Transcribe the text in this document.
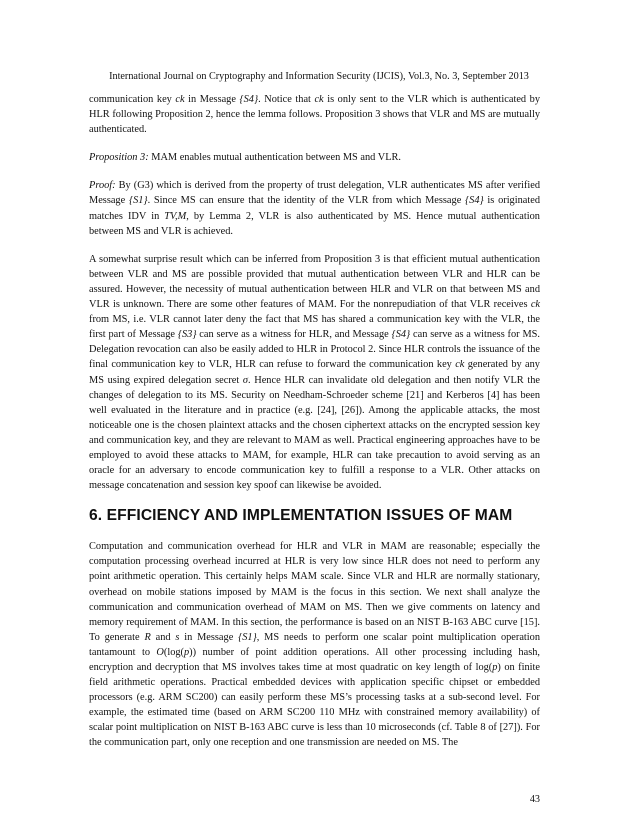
International Journal on Cryptography and Information Security (IJCIS), Vol.3, No. 3, September 2013

communication key ck in Message {S4}. Notice that ck is only sent to the VLR which is authenticated by HLR following Proposition 2, hence the lemma follows. Proposition 3 shows that VLR and MS are mutually authenticated.

Proposition 3: MAM enables mutual authentication between MS and VLR.

Proof: By (G3) which is derived from the property of trust delegation, VLR authenticates MS after verified Message {S1}. Since MS can ensure that the identity of the VLR from which Message {S4} is originated matches IDV in TV,M, by Lemma 2, VLR is also authenticated by MS. Hence mutual authentication between MS and VLR is achieved.

A somewhat surprise result which can be inferred from Proposition 3 is that efficient mutual authentication between VLR and MS are possible provided that mutual authentication between VLR and HLR can be assured. However, the necessity of mutual authentication between HLR and VLR on that between MS and VLR is unknown. There are some other features of MAM. For the nonrepudiation of that VLR receives ck from MS, i.e. VLR cannot later deny the fact that MS has shared a communication key with the VLR, the first part of Message {S3} can serve as a witness for HLR, and Message {S4} can serve as a witness for MS. Delegation revocation can also be easily added to HLR in Protocol 2. Since HLR controls the issuance of the final communication key to VLR, HLR can refuse to forward the communication key ck generated by any MS using expired delegation secret σ. Hence HLR can invalidate old delegation and then notify VLR the changes of delegation to its MS. Security on Needham-Schroeder scheme [21] and Kerberos [4] has been well evaluated in the literature and in practice (e.g. [24], [26]). Among the applicable attacks, the most noticeable one is the chosen plaintext attacks and the chosen ciphertext attacks on the encrypted session key and communication key, and they are relevant to MAM as well. Practical engineering approaches have to be employed to avoid these attacks to MAM, for example, HLR can take precaution to avoid serving as an oracle for an adversary to encode communication key to fulfill a response to a VLR. Other attacks on message concatenation and session key spoof can likewise be avoided.

6. EFFICIENCY AND IMPLEMENTATION ISSUES OF MAM

Computation and communication overhead for HLR and VLR in MAM are reasonable; especially the computation processing overhead incurred at HLR is very low since HLR does not need to perform any point arithmetic operation. This certainly helps MAM scale. Since VLR and HLR are normally stationary, overhead on mobile stations imposed by MAM is the focus in this section. We next shall analyze the communication and communication overhead of MAM on MS. Then we give comments on latency and memory requirement of MAM. In this section, the performance is based on an NIST B-163 ABC curve [15]. To generate R and s in Message {S1}, MS needs to perform one scalar point multiplication operation tantamount to O(log(p)) number of point addition operations. All other processing including hash, encryption and decryption that MS involves takes time at most quadratic on key length of log(p) on finite field arithmetic operations. Practical embedded devices with application specific chipset or embedded processors (e.g. ARM SC200) can easily perform these MS’s processing tasks at a sub-second level. For example, the estimated time (based on ARM SC200 110 MHz with constrained memory availability) of scalar point multiplication on NIST B-163 ABC curve is less than 10 microseconds (cf. Table 8 of [27]). For the communication part, only one reception and one transmission are needed on MS. The

43
